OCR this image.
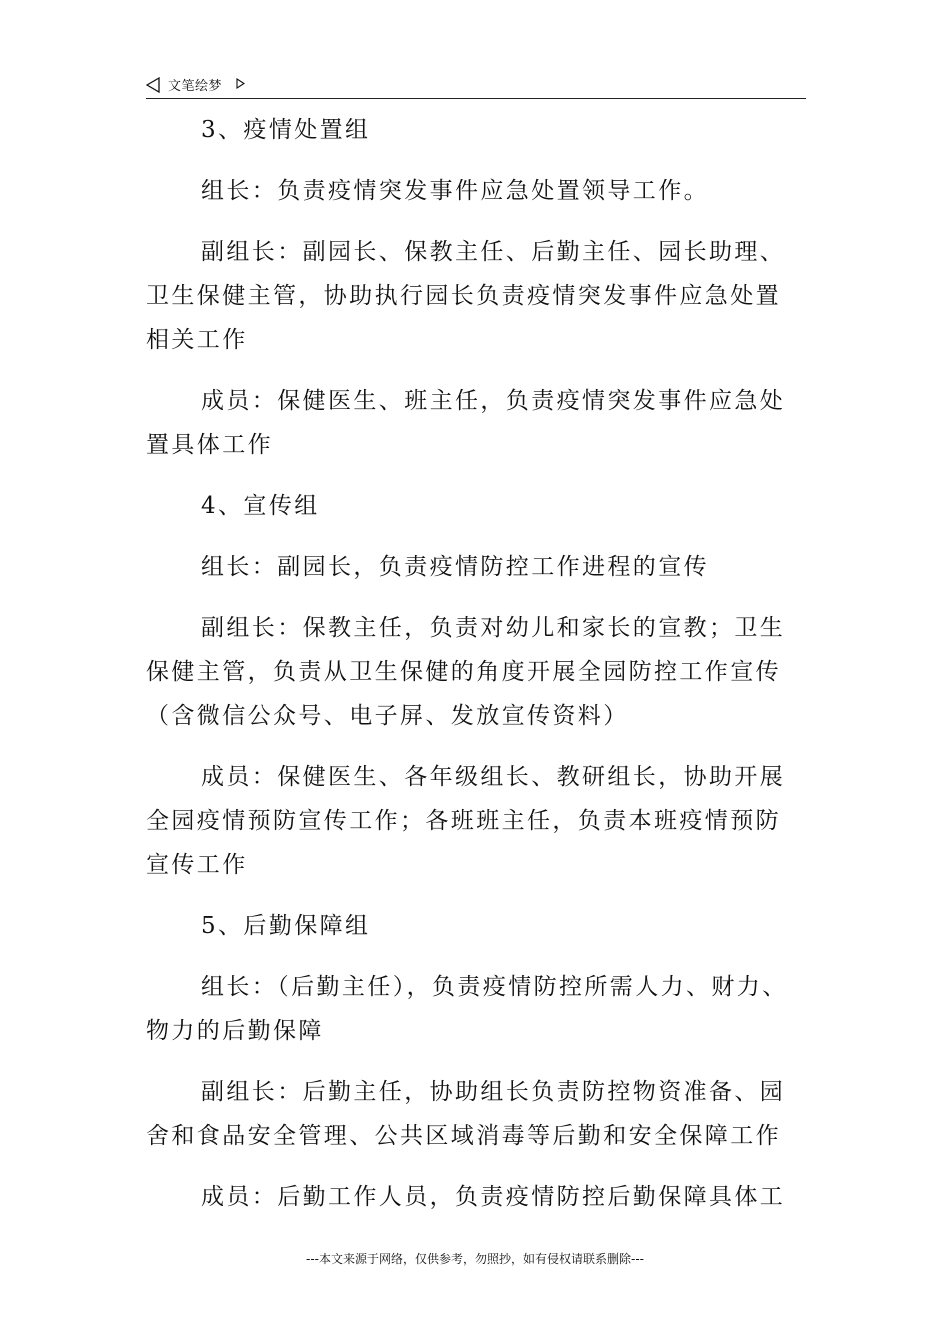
文笔绘梦

3、疫情处置组

组长：负责疫情突发事件应急处置领导工作。

副组长：副园长、保教主任、后勤主任、园长助理、卫生保健主管，协助执行园长负责疫情突发事件应急处置相关工作

成员：保健医生、班主任，负责疫情突发事件应急处置具体工作

4、宣传组

组长：副园长，负责疫情防控工作进程的宣传

副组长：保教主任，负责对幼儿和家长的宣教；卫生保健主管，负责从卫生保健的角度开展全园防控工作宣传（含微信公众号、电子屏、发放宣传资料）

成员：保健医生、各年级组长、教研组长，协助开展全园疫情预防宣传工作；各班班主任，负责本班疫情预防宣传工作

5、后勤保障组

组长：（后勤主任），负责疫情防控所需人力、财力、物力的后勤保障

副组长：后勤主任，协助组长负责防控物资准备、园舍和食品安全管理、公共区域消毒等后勤和安全保障工作

成员：后勤工作人员，负责疫情防控后勤保障具体工

---本文来源于网络，仅供参考，勿照抄，如有侵权请联系删除---
